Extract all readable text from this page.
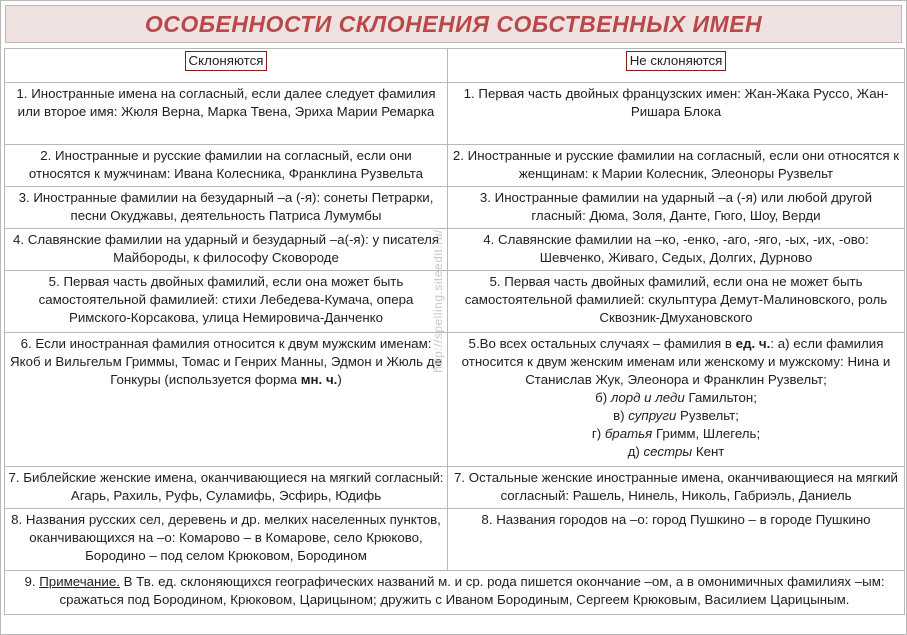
ОСОБЕННОСТИ СКЛОНЕНИЯ СОБСТВЕННЫХ ИМЕН
Склоняются	Не склоняются
1. Иностранные имена на согласный, если далее следует фамилия или второе имя: Жюля Верна, Марка Твена, Эриха Марии Ремарка	1. Первая часть двойных французских имен: Жан-Жака Руссо, Жан-Ришара Блока
2. Иностранные и русские фамилии на согласный, если они относятся к мужчинам: Ивана Колесника, Франклина Рузвельта	2. Иностранные и русские фамилии на согласный, если они относятся к женщинам: к Марии Колесник, Элеоноры Рузвельт
3. Иностранные фамилии на безударный –а (-я): сонеты Петрарки, песни Окуджавы, деятельность Патриса Лумумбы	3. Иностранные фамилии на ударный –а (-я) или любой другой гласный: Дюма, Золя, Данте, Гюго, Шоу, Верди
4. Славянские фамилии на ударный и безударный –а(-я): у писателя Майбороды, к философу Сковороде	4. Славянские фамилии на –ко, -енко, -аго, -яго, -ых, -их, -ово: Шевченко, Живаго, Седых, Долгих, Дурново
5. Первая часть двойных фамилий, если она может быть самостоятельной фамилией: стихи Лебедева-Кумача, опера Римского-Корсакова, улица Немировича-Данченко	5. Первая часть двойных фамилий, если она не может быть самостоятельной фамилией: скульптура Демут-Малиновского, роль Сквозник-Дмухановского
6. Если иностранная фамилия относится к двум мужским именам: Якоб и Вильгельм Гриммы, Томас и Генрих Манны, Эдмон и Жюль де Гонкуры (используется форма мн. ч.)	5.Во всех остальных случаях – фамилия в ед. ч.: а) если фамилия относится к двум женским именам или женскому и мужскому: Нина и Станислав Жук, Элеонора и Франклин Рузвельт;
б) лорд и леди Гамильтон;
в) супруги Рузвельт;
г) братья Гримм, Шлегель;
д) сестры Кент
7. Библейские женские имена, оканчивающиеся на мягкий согласный: Агарь, Рахиль, Руфь, Суламифь, Эсфирь, Юдифь	7. Остальные женские иностранные имена, оканчивающиеся на мягкий согласный: Рашель, Нинель, Николь, Габриэль, Даниель
8. Названия русских сел, деревень и др. мелких населенных пунктов, оканчивающихся на –о: Комарово – в Комарове, село Крюково, Бородино – под селом Крюковом, Бородином	8. Названия городов на –о: город Пушкино – в городе Пушкино
9. Примечание. В Тв. ед. склоняющихся географических названий м. и ср. рода пишется окончание –ом, а в омонимичных фамилиях –ым: сражаться под Бородином, Крюковом, Царицыном; дружить с Иваном Бородиным, Сергеем Крюковым, Василием Царицыным.	
http://spelling.siteedit.ru/
